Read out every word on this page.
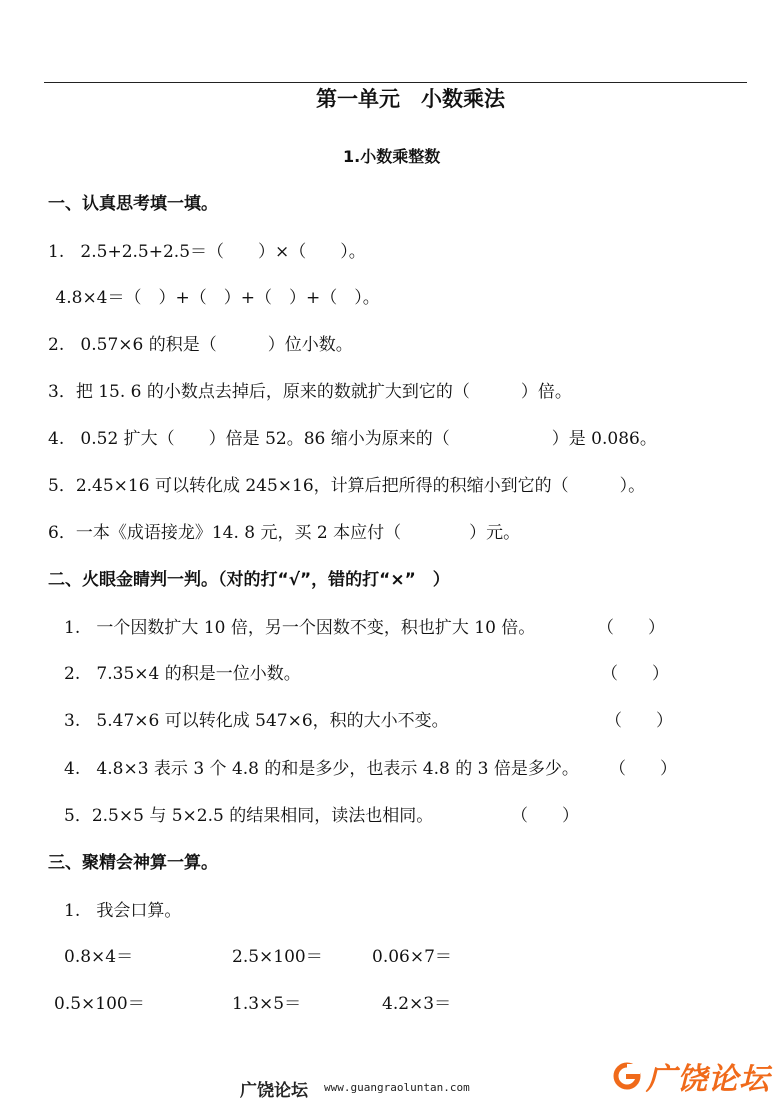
第一单元　小数乘法
1.小数乘整数
一、认真思考填一填。
1.   2.5+2.5+2.5＝（　　）×（　　）。
4.8×4＝（　）+（　）+（　）+（　）。
2.   0.57×6 的积是（　　　）位小数。
3．把 15. 6 的小数点去掉后，原来的数就扩大到它的（　　　）倍。
4.   0.52 扩大（　　）倍是 52。86 缩小为原来的（　　　　　　）是 0.086。
5．2.45×16 可以转化成 245×16，计算后把所得的积缩小到它的（　　　）。
6．一本《成语接龙》14. 8 元，买 2 本应付（　　　　）元。
二、火眼金睛判一判。（对的打“√”，错的打“×”　）
1.   一个因数扩大 10 倍，另一个因数不变，积也扩大 10 倍。	（　　）
2.   7.35×4 的积是一位小数。	（　　）
3.   5.47×6 可以转化成 547×6，积的大小不变。	（　　）
4.   4.8×3 表示 3 个 4.8 的和是多少，也表示 4.8 的 3 倍是多少。 （　　）
5．2.5×5 与 5×2.5 的结果相同，读法也相同。	（　　）
三、聚精会神算一算。
1.   我会口算。
0.8×4＝	2.5×100＝	0.06×7＝
0.5×100＝	1.3×5＝	4.2×3＝
广饶论坛 www.guangraoluntan.com	广饶论坛
